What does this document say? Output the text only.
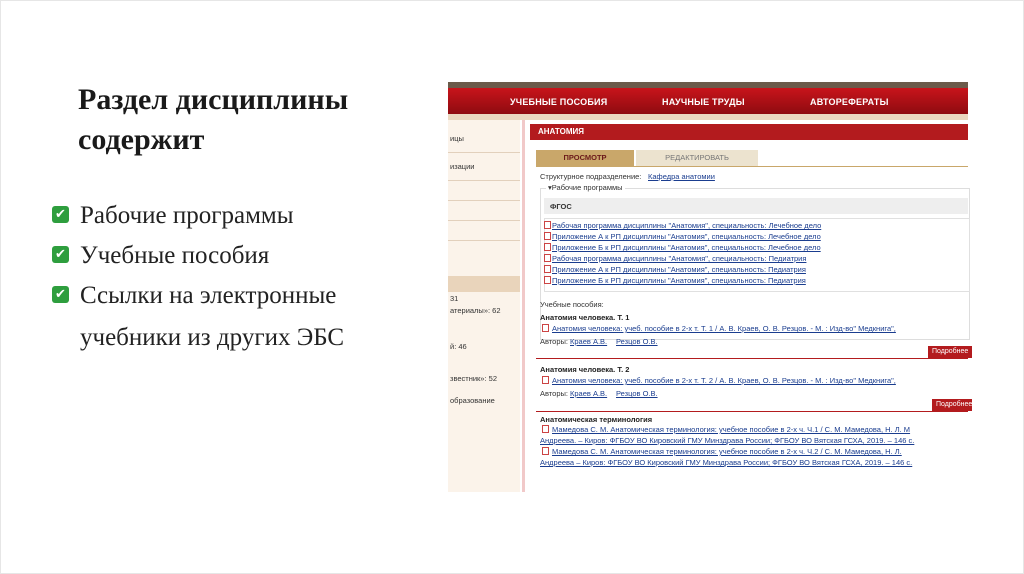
Раздел дисциплины содержит
✔ Рабочие программы
✔ Учебные пособия
✔ Ссылки на электронные
учебники из других ЭБС
УЧЕБНЫЕ ПОСОБИЯ	НАУЧНЫЕ ТРУДЫ	АВТОРЕФЕРАТЫ
ицы
изации
31
атериалы»: 62
й: 46
звестник»: 52
образование
АНАТОМИЯ
ПРОСМОТР	РЕДАКТИРОВАТЬ
Структурное подразделение: Кафедра анатомии
▾Рабочие программы
ФГОС
Рабочая программа дисциплины "Анатомия", специальность: Лечебное дело
Приложение А к РП дисциплины "Анатомия", специальность: Лечебное дело
Приложение Б к РП дисциплины "Анатомия", специальность: Лечебное дело
Рабочая программа дисциплины "Анатомия", специальность: Педиатрия
Приложение А к РП дисциплины "Анатомия", специальность: Педиатрия
Приложение Б к РП дисциплины "Анатомия", специальность: Педиатрия
Учебные пособия:
Анатомия человека. Т. 1
Анатомия человека: учеб. пособие в 2-х т. Т. 1 / А. В. Краев, О. В. Резцов. - М. : Изд-во" Медкнига",
Авторы: Краев А.В. Резцов О.В.
Подробнее
Анатомия человека. Т. 2
Анатомия человека: учеб. пособие в 2-х т. Т. 2 / А. В. Краев, О. В. Резцов. - М. : Изд-во" Медкнига",
Авторы: Краев А.В. Резцов О.В.
Подробнее
Анатомическая терминология
Мамедова С. М. Анатомическая терминология: учебное пособие в 2-х ч. Ч.1 / С. М. Мамедова, Н. Л. М
Андреева. – Киров: ФГБОУ ВО Кировский ГМУ Минздрава России; ФГБОУ ВО Вятская ГСХА, 2019. – 146 с.
Мамедова С. М. Анатомическая терминология: учебное пособие в 2-х ч. Ч.2 / С. М. Мамедова, Н. Л.
Андреева – Киров: ФГБОУ ВО Кировский ГМУ Минздрава России; ФГБОУ ВО Вятская ГСХА, 2019. – 146 с.
